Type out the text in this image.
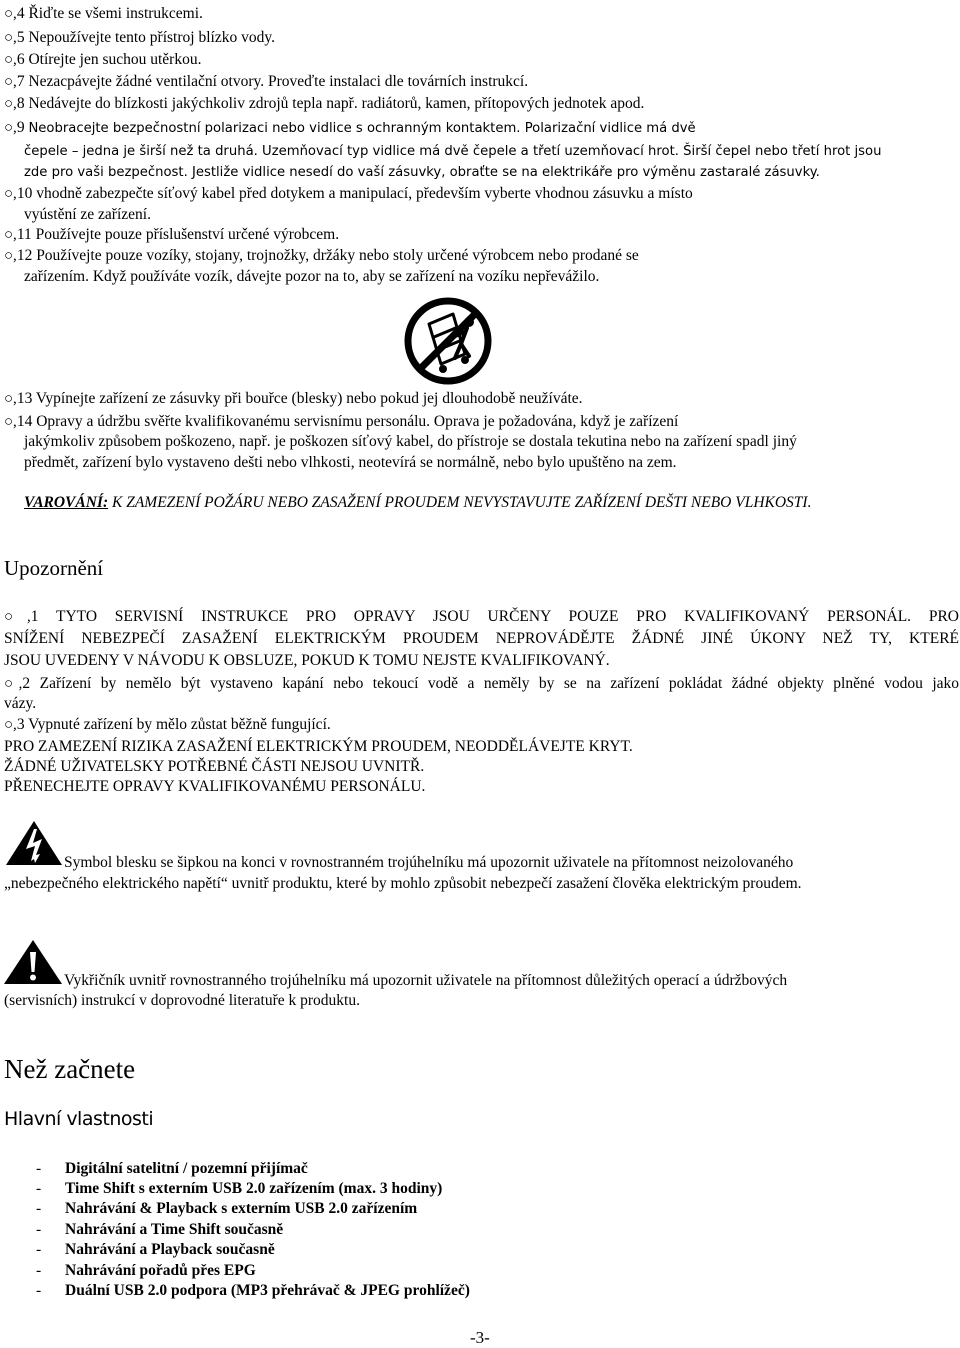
○,4 Řiďte se všemi instrukcemi.
○,5 Nepoužívejte tento přístroj blízko vody.
○,6 Otírejte jen suchou utěrkou.
○,7 Nezacpávejte žádné ventilační otvory. Proveďte instalaci dle továrních instrukcí.
○,8 Nedávejte do blízkosti jakýchkoliv zdrojů tepla např. radiátorů, kamen, přítopových jednotek apod.
○,9 Neobracejte bezpečnostní polarizaci nebo vidlice s ochranným kontaktem. Polarizační vidlice má dvě
čepele – jedna je širší než ta druhá. Uzemňovací typ vidlice má dvě čepele a třetí uzemňovací hrot. Širší čepel nebo třetí hrot jsou
zde pro vaši bezpečnost. Jestliže vidlice nesedí do vaší zásuvky, obraťte se na elektrikáře pro výměnu zastaralé zásuvky.
○,10 vhodně zabezpečte síťový kabel před dotykem a manipulací, především vyberte vhodnou zásuvku a místo
vyústění ze zařízení.
○,11 Používejte pouze příslušenství určené výrobcem.
○,12 Používejte pouze vozíky, stojany, trojnožky, držáky nebo stoly určené výrobcem nebo prodané se
zařízením. Když používáte vozík, dávejte pozor na to, aby se zařízení na vozíku nepřevážilo.
○,13 Vypínejte zařízení ze zásuvky při bouřce (blesky) nebo pokud jej dlouhodobě neužíváte.
○,14 Opravy a údržbu svěřte kvalifikovanému servisnímu personálu. Oprava je požadována, když je zařízení
jakýmkoliv způsobem poškozeno, např. je poškozen síťový kabel, do přístroje se dostala tekutina nebo na zařízení spadl jiný
předmět, zařízení bylo vystaveno dešti nebo vlhkosti, neotevírá se normálně, nebo bylo upuštěno na zem.
VAROVÁNÍ: K ZAMEZENÍ POŽÁRU NEBO ZASAŽENÍ PROUDEM NEVYSTAVUJTE ZAŘÍZENÍ DEŠTI NEBO VLHKOSTI.
Upozornění
○,1 TYTO SERVISNÍ INSTRUKCE PRO OPRAVY JSOU URČENY POUZE PRO KVALIFIKOVANÝ PERSONÁL. PRO
SNÍŽENÍ NEBEZPEČÍ ZASAŽENÍ ELEKTRICKÝM PROUDEM NEPROVÁDĚJTE ŽÁDNÉ JINÉ ÚKONY NEŽ TY, KTERÉ
JSOU UVEDENY V NÁVODU K OBSLUZE, POKUD K TOMU NEJSTE KVALIFIKOVANÝ.
○,2 Zařízení by nemělo být vystaveno kapání nebo tekoucí vodě a neměly by se na zařízení pokládat žádné objekty plněné vodou jako
vázy.
○,3 Vypnuté zařízení by mělo zůstat běžně fungující.
PRO ZAMEZENÍ RIZIKA ZASAŽENÍ ELEKTRICKÝM PROUDEM, NEODDĚLÁVEJTE KRYT.
ŽÁDNÉ UŽIVATELSKY POTŘEBNÉ ČÁSTI NEJSOU UVNITŘ.
PŘENECHEJTE OPRAVY KVALIFIKOVANÉMU PERSONÁLU.
Symbol blesku se šipkou na konci v rovnostranném trojúhelníku má upozornit uživatele na přítomnost neizolovaného
„nebezpečného elektrického napětí“ uvnitř produktu, které by mohlo způsobit nebezpečí zasažení člověka elektrickým proudem.
Vykřičník uvnitř rovnostranného trojúhelníku má upozornit uživatele na přítomnost důležitých operací a údržbových
(servisních) instrukcí v doprovodné literatuře k produktu.
Než začnete
Hlavní vlastnosti
- Digitální satelitní / pozemní přijímač
- Time Shift s externím USB 2.0 zařízením (max. 3 hodiny)
- Nahrávání & Playback s externím USB 2.0 zařízením
- Nahrávání a Time Shift současně
- Nahrávání a Playback současně
- Nahrávání pořadů přes EPG
- Duální USB 2.0 podpora (MP3 přehrávač & JPEG prohlížeč)
-3-
